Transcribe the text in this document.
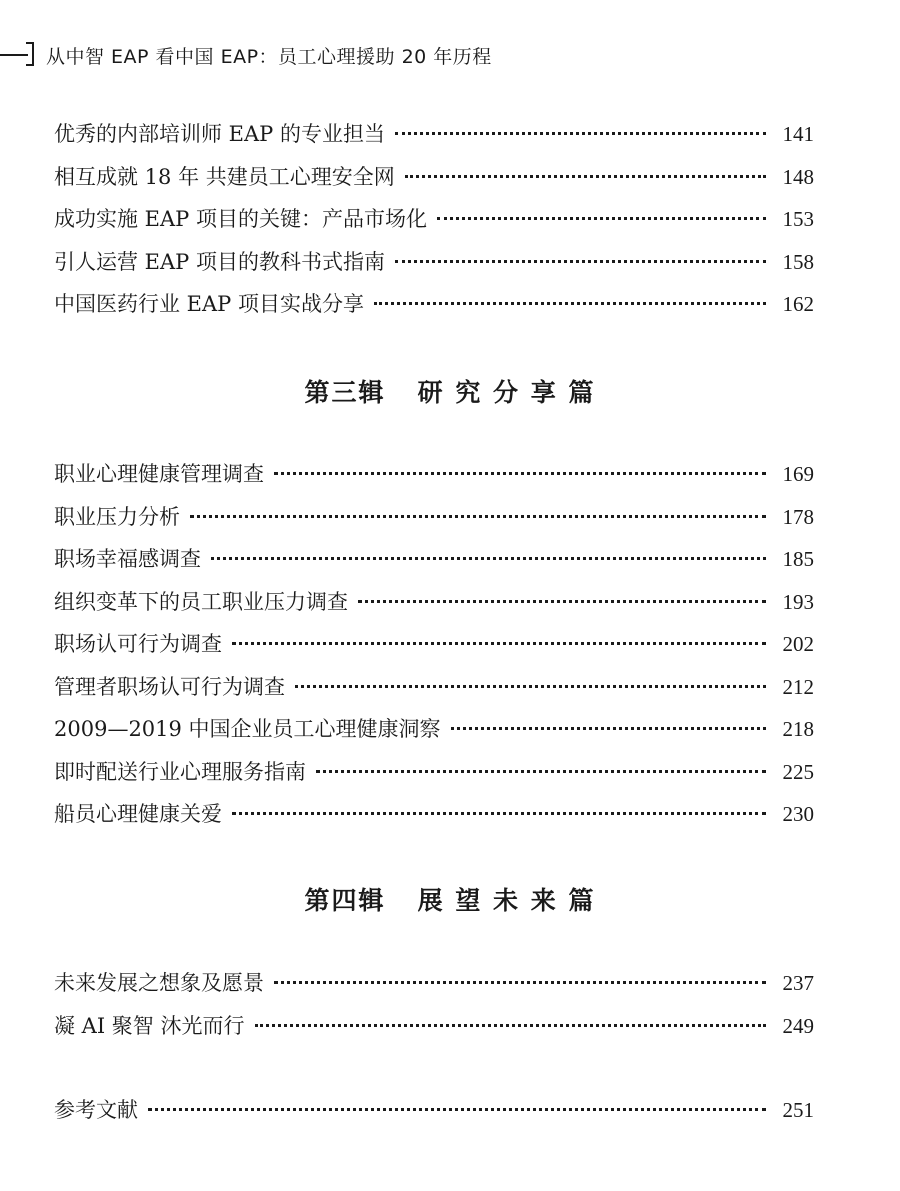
从中智 EAP 看中国 EAP：员工心理援助 20 年历程
优秀的内部培训师 EAP 的专业担当	141
相互成就 18 年 共建员工心理安全网	148
成功实施 EAP 项目的关键：产品市场化	153
引人运营 EAP 项目的教科书式指南	158
中国医药行业 EAP 项目实战分享	162
第三辑   研 究 分 享 篇
职业心理健康管理调查	169
职业压力分析	178
职场幸福感调查	185
组织变革下的员工职业压力调查	193
职场认可行为调查	202
管理者职场认可行为调查	212
2009—2019 中国企业员工心理健康洞察	218
即时配送行业心理服务指南	225
船员心理健康关爱	230
第四辑   展 望 未 来 篇
未来发展之想象及愿景	237
凝 AI 聚智 沐光而行	249
参考文献	251
